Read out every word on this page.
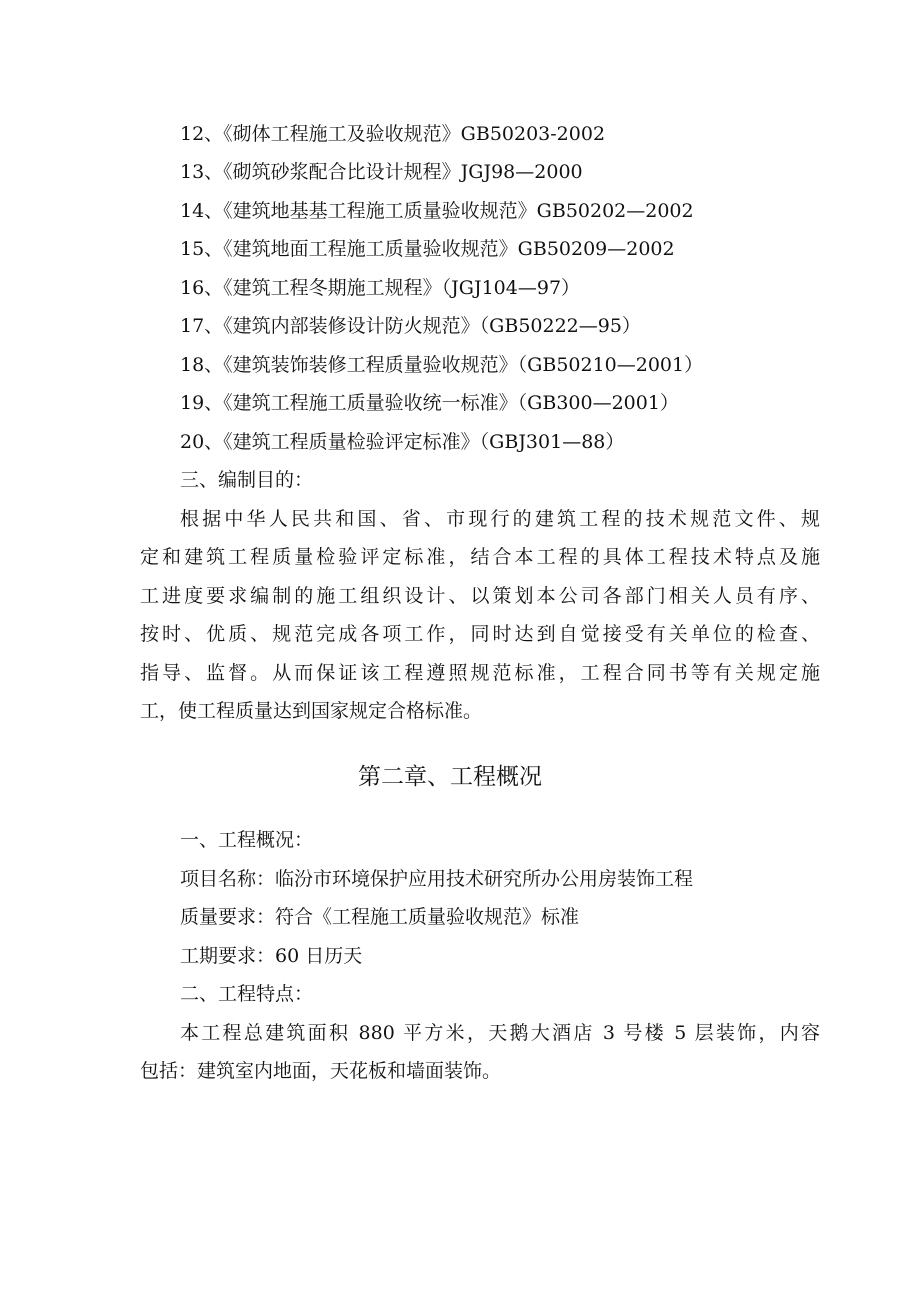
12、《砌体工程施工及验收规范》GB50203-2002
13、《砌筑砂浆配合比设计规程》JGJ98—2000
14、《建筑地基基工程施工质量验收规范》GB50202—2002
15、《建筑地面工程施工质量验收规范》GB50209—2002
16、《建筑工程冬期施工规程》（JGJ104—97）
17、《建筑内部装修设计防火规范》（GB50222—95）
18、《建筑装饰装修工程质量验收规范》（GB50210—2001）
19、《建筑工程施工质量验收统一标准》（GB300—2001）
20、《建筑工程质量检验评定标准》（GBJ301—88）
三、编制目的：
根据中华人民共和国、省、市现行的建筑工程的技术规范文件、规
定和建筑工程质量检验评定标准，结合本工程的具体工程技术特点及施
工进度要求编制的施工组织设计、以策划本公司各部门相关人员有序、
按时、优质、规范完成各项工作，同时达到自觉接受有关单位的检查、
指导、监督。从而保证该工程遵照规范标准，工程合同书等有关规定施
工，使工程质量达到国家规定合格标准。
第二章、工程概况
一、工程概况：
项目名称：临汾市环境保护应用技术研究所办公用房装饰工程
质量要求：符合《工程施工质量验收规范》标准
工期要求：60 日历天
二、工程特点：
本工程总建筑面积 880 平方米，天鹅大酒店 3 号楼 5 层装饰，内容
包括：建筑室内地面，天花板和墙面装饰。
